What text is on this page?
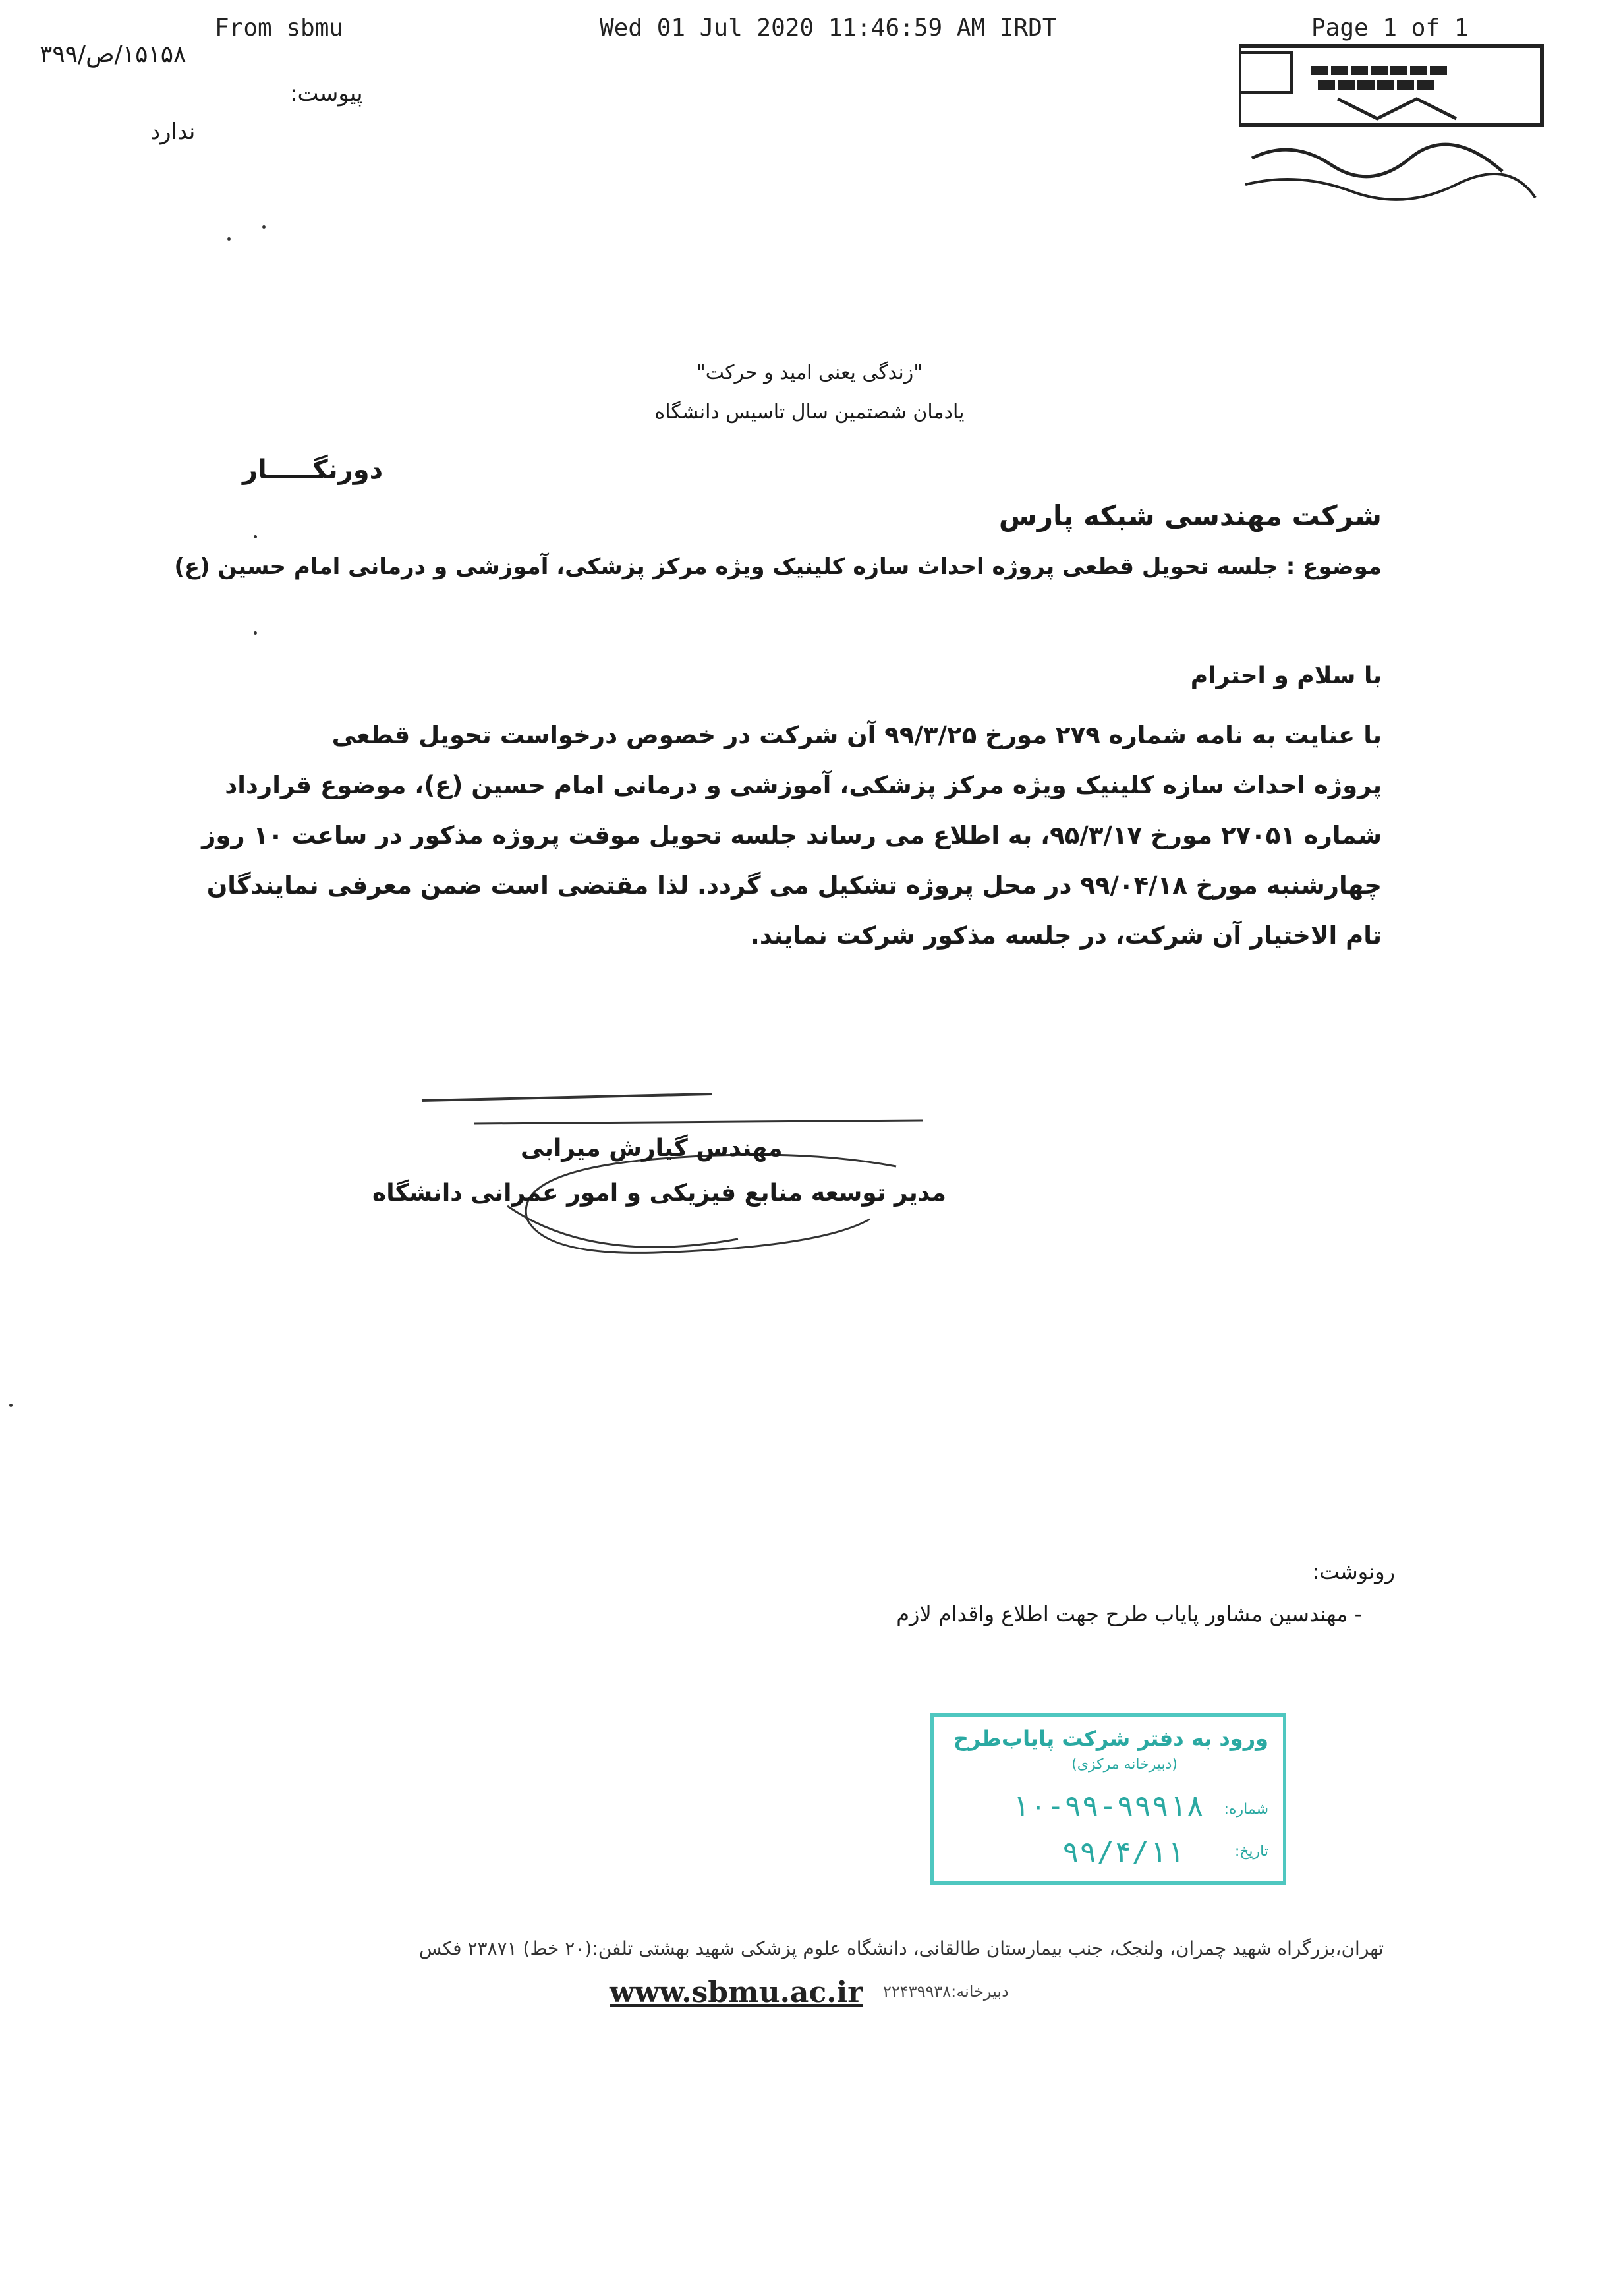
From sbmu	Wed 01 Jul 2020 11:46:59 AM IRDT	Page 1 of 1
۱۵۱۵۸/ص/۳۹۹
پیوست:
ندارد
"زندگی یعنی امید و حرکت"
یادمان شصتمین سال تاسیس دانشگاه
دورنگـــــار
شرکت مهندسی شبکه پارس
موضوع : جلسه تحویل قطعی پروژه احداث سازه کلینیک ویژه مرکز پزشکی، آموزشی و درمانی امام حسین (ع)
با سلام و احترام
با عنایت به نامه شماره ۲۷۹ مورخ ۹۹/۳/۲۵ آن شرکت در خصوص درخواست تحویل قطعی
پروژه احداث سازه کلینیک ویژه مرکز پزشکی، آموزشی و درمانی امام حسین (ع)، موضوع قرارداد
شماره ۲۷۰۵۱ مورخ ۹۵/۳/۱۷، به اطلاع می رساند جلسه تحویل موقت پروژه مذکور در ساعت ۱۰ روز
چهارشنبه مورخ ۹۹/۰۴/۱۸ در محل پروژه تشکیل می گردد. لذا مقتضی است ضمن معرفی نمایندگان
تام الاختیار آن شرکت، در جلسه مذکور شرکت نمایند.
مهندس گیارش میرابی
مدیر توسعه منابع فیزیکی و امور عمرانی دانشگاه
رونوشت:
- مهندسین مشاور پایاب طرح جهت اطلاع واقدام لازم
ورود به دفتر شرکت پایاب‌طرح
(دبیرخانه مرکزی)
شماره:
۱۰-۹۹-۹۹۹۱۸
تاریخ:
۹۹/۴/۱۱
تهران،بزرگراه شهید چمران، ولنجک، جنب بیمارستان طالقانی، دانشگاه علوم پزشکی شهید بهشتی تلفن:(۲۰ خط) ۲۳۸۷۱ فکس
دبیرخانه:۲۲۴۳۹۹۳۸
www.sbmu.ac.ir
